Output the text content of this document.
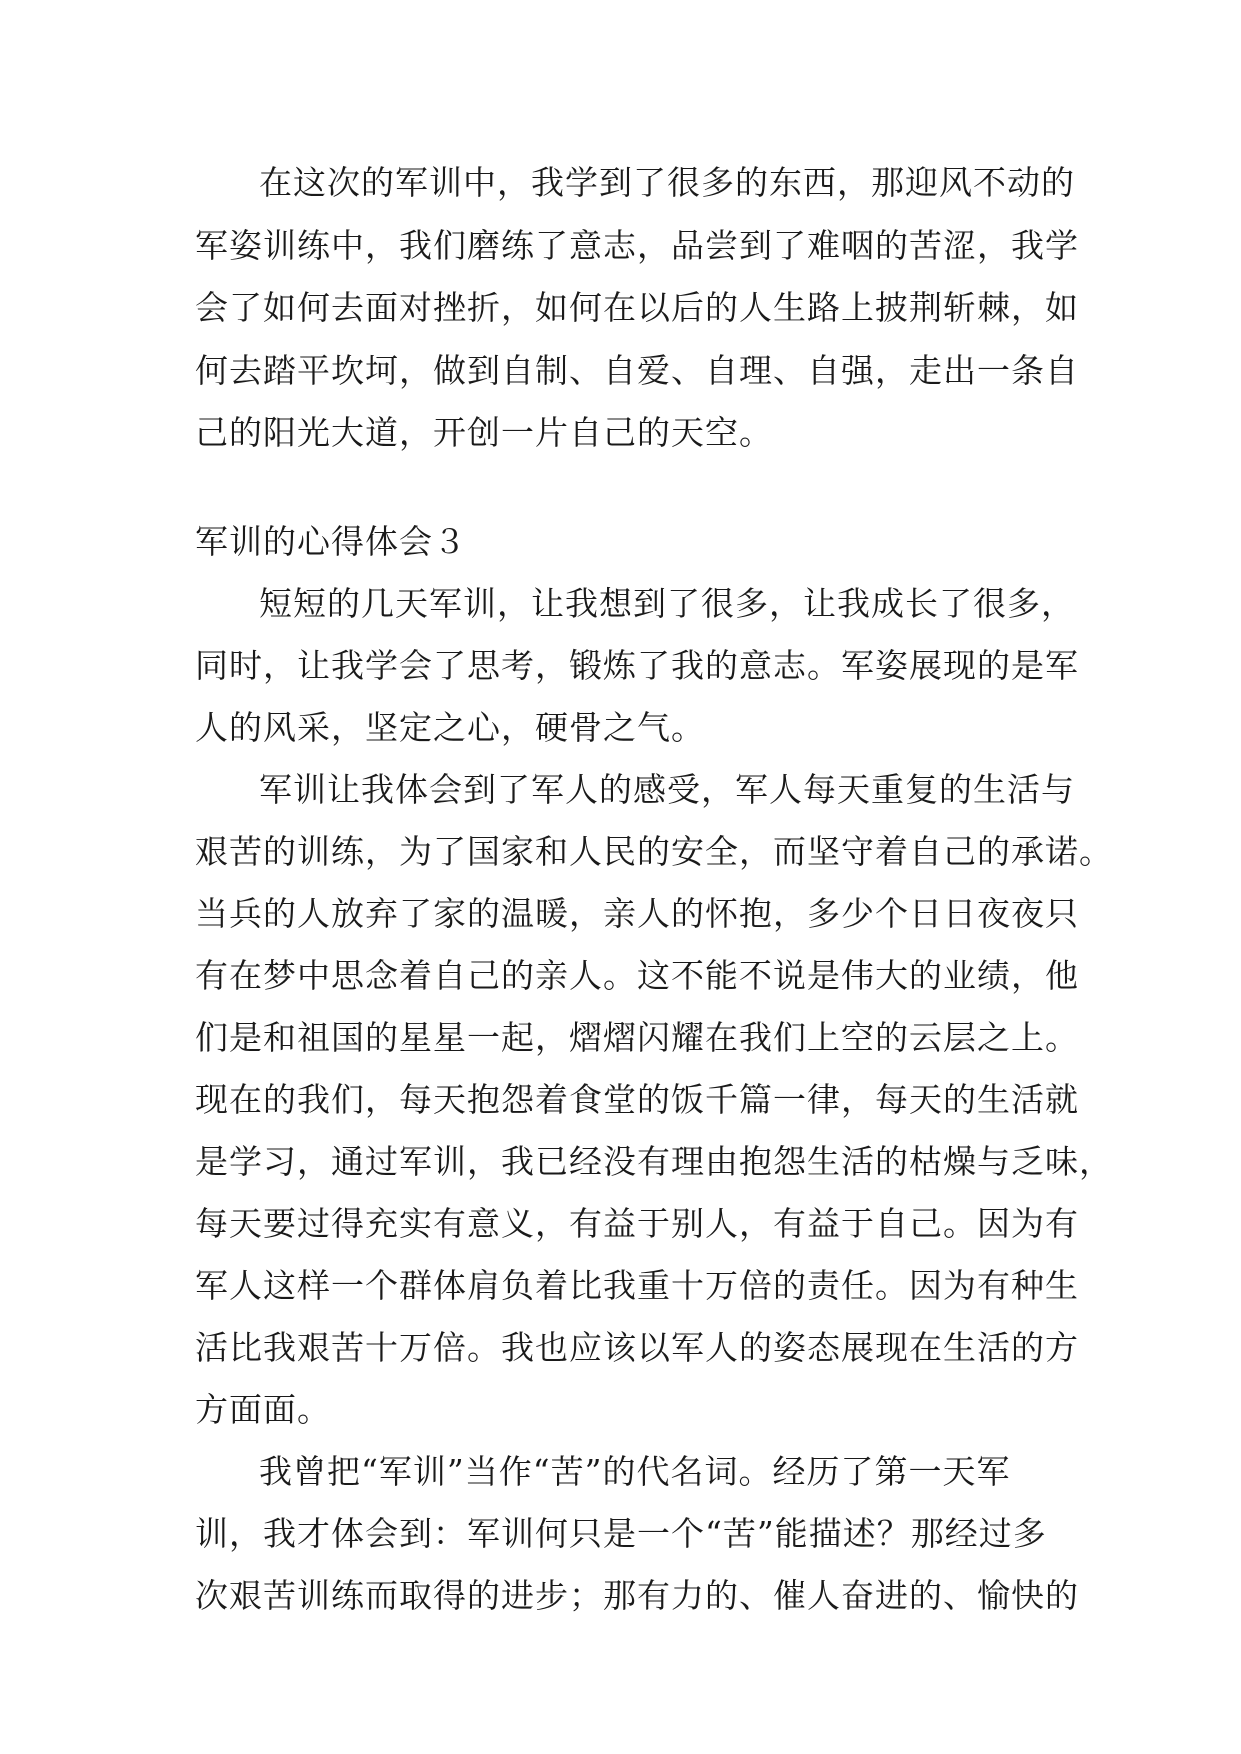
在这次的军训中，我学到了很多的东西，那迎风不动的
军姿训练中，我们磨练了意志，品尝到了难咽的苦涩，我学
会了如何去面对挫折，如何在以后的人生路上披荆斩棘，如
何去踏平坎坷，做到自制、自爱、自理、自强，走出一条自
己的阳光大道，开创一片自己的天空。
军训的心得体会３
短短的几天军训，让我想到了很多，让我成长了很多，
同时，让我学会了思考，锻炼了我的意志。军姿展现的是军
人的风采，坚定之心，硬骨之气。
军训让我体会到了军人的感受，军人每天重复的生活与
艰苦的训练，为了国家和人民的安全，而坚守着自己的承诺。
当兵的人放弃了家的温暖，亲人的怀抱，多少个日日夜夜只
有在梦中思念着自己的亲人。这不能不说是伟大的业绩，他
们是和祖国的星星一起，熠熠闪耀在我们上空的云层之上。
现在的我们，每天抱怨着食堂的饭千篇一律，每天的生活就
是学习，通过军训，我已经没有理由抱怨生活的枯燥与乏味，
每天要过得充实有意义，有益于别人，有益于自己。因为有
军人这样一个群体肩负着比我重十万倍的责任。因为有种生
活比我艰苦十万倍。我也应该以军人的姿态展现在生活的方
方面面。
我曾把“军训”当作“苦”的代名词。经历了第一天军
训，我才体会到：军训何只是一个“苦”能描述？那经过多
次艰苦训练而取得的进步；那有力的、催人奋进的、愉快的
